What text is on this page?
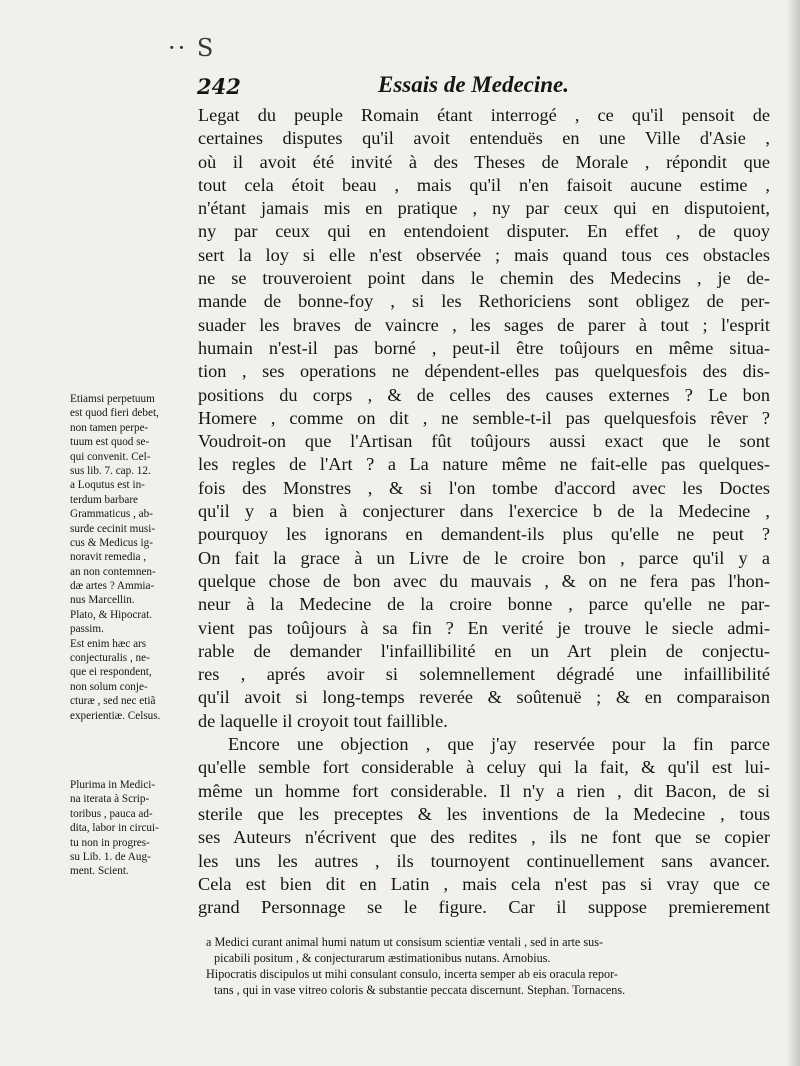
·· S
242	Essais de Medecine.
Legat du peuple Romain étant interrogé , ce qu'il pensoit de
certaines disputes qu'il avoit entenduës en une Ville d'Asie ,
où il avoit été invité à des Theses de Morale , répondit que
tout cela étoit beau , mais qu'il n'en faisoit aucune estime ,
n'étant jamais mis en pratique , ny par ceux qui en disputoient,
ny par ceux qui en entendoient disputer. En effet , de quoy
sert la loy si elle n'est observée ; mais quand tous ces obstacles
ne se trouveroient point dans le chemin des Medecins , je de-
mande de bonne-foy , si les Rethoriciens sont obligez de per-
suader les braves de vaincre , les sages de parer à tout ; l'esprit
humain n'est-il pas borné , peut-il être toûjours en même situa-
tion , ses operations ne dépendent-elles pas quelquesfois des dis-
positions du corps , & de celles des causes externes ? Le bon
Homere , comme on dit , ne semble-t-il pas quelquesfois rêver ?
Voudroit-on que l'Artisan fût toûjours aussi exact que le sont
les regles de l'Art ? a La nature même ne fait-elle pas quelques-
fois des Monstres , & si l'on tombe d'accord avec les Doctes
qu'il y a bien à conjecturer dans l'exercice b de la Medecine ,
pourquoy les ignorans en demandent-ils plus qu'elle ne peut ?
On fait la grace à un Livre de le croire bon , parce qu'il y a
quelque chose de bon avec du mauvais , & on ne fera pas l'hon-
neur à la Medecine de la croire bonne , parce qu'elle ne par-
vient pas toûjours à sa fin ? En verité je trouve le siecle admi-
rable de demander l'infaillibilité en un Art plein de conjectu-
res , aprés avoir si solemnellement dégradé une infaillibilité
qu'il avoit si long-temps reverée & soûtenuë ; & en comparaison
de laquelle il croyoit tout faillible.
Encore une objection , que j'ay reservée pour la fin parce
qu'elle semble fort considerable à celuy qui la fait, & qu'il est lui-
même un homme fort considerable. Il n'y a rien , dit Bacon, de si
sterile que les preceptes & les inventions de la Medecine , tous
ses Auteurs n'écrivent que des redites , ils ne font que se copier
les uns les autres , ils tournoyent continuellement sans avancer.
Cela est bien dit en Latin , mais cela n'est pas si vray que ce
grand Personnage se le figure. Car il suppose premierement
Etiamsi perpetuum
est quod fieri debet,
non tamen perpe-
tuum est quod se-
qui convenit. Cel-
sus lib. 7. cap. 12.
a Loqutus est in-
terdum barbare
Grammaticus , ab-
surde cecinit musi-
cus & Medicus ig-
noravit remedia ,
an non contemnen-
dæ artes ? Ammia-
nus Marcellin.
Plato, & Hipocrat.
passim.
Est enim hæc ars
conjecturalis , ne-
que ei respondent,
non solum conje-
cturæ , sed nec etiã
experientiæ. Celsus.
Plurima in Medici-
na iterata à Scrip-
toribus , pauca ad-
dita, labor in circui-
tu non in progres-
su Lib. 1. de Aug-
ment. Scient.
a Medici curant animal humi natum ut consisum scientiæ ventali , sed in arte sus-
picabili positum , & conjecturarum æstimationibus nutans. Arnobius.
Hipocratis discipulos ut mihi consulant consulo, incerta semper ab eis oracula repor-
tans , qui in vase vitreo coloris & substantie peccata discernunt. Stephan. Tornacens.
